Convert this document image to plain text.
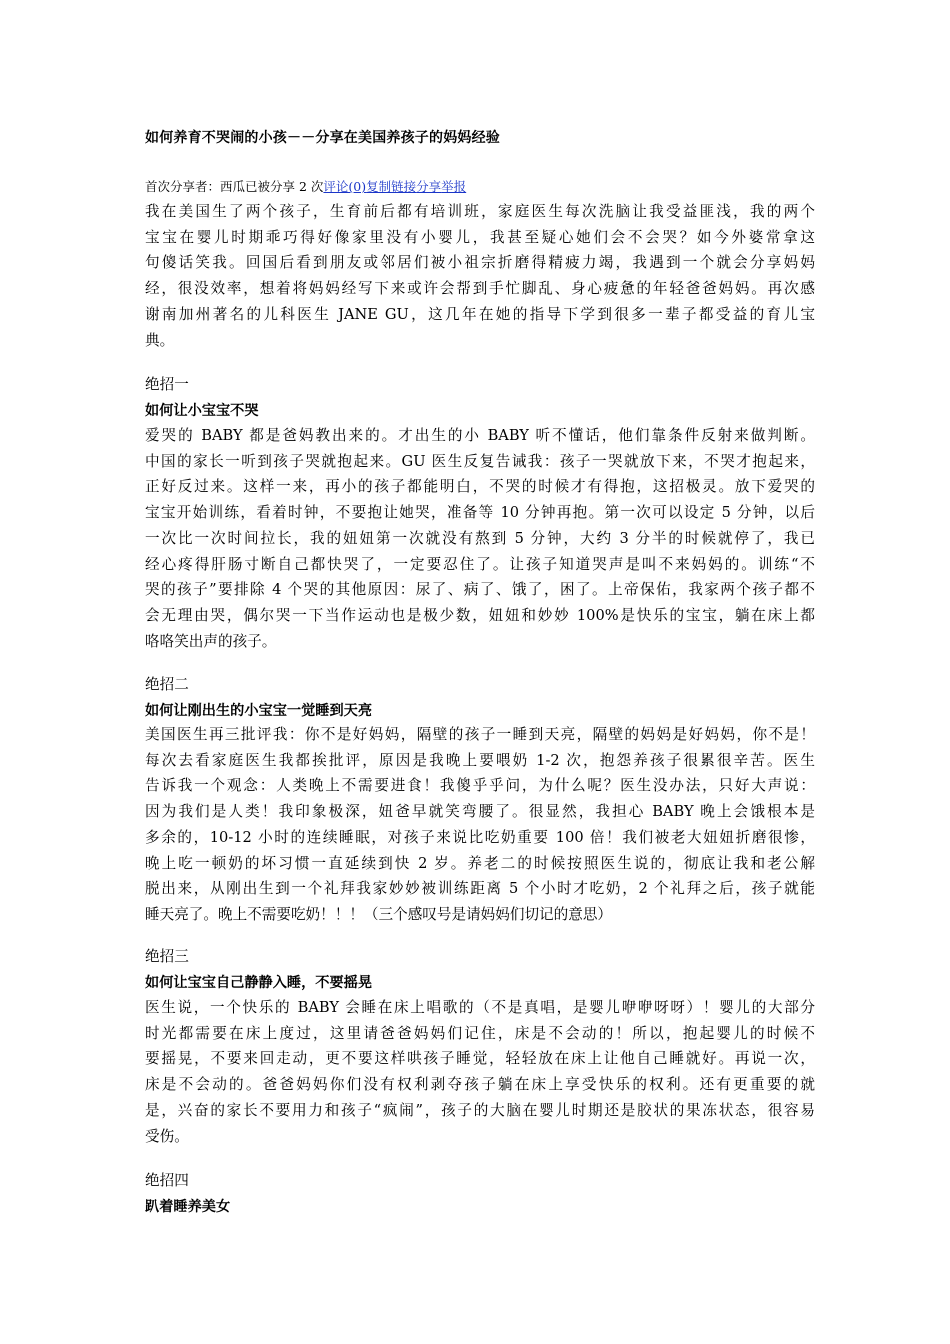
如何养育不哭闹的小孩－－分享在美国养孩子的妈妈经验
首次分享者：西瓜已被分享 2 次评论(0)复制链接分享举报
我在美国生了两个孩子，生育前后都有培训班，家庭医生每次洗脑让我受益匪浅，我的两个
宝宝在婴儿时期乖巧得好像家里没有小婴儿，我甚至疑心她们会不会哭？如今外婆常拿这
句傻话笑我。回国后看到朋友或邻居们被小祖宗折磨得精疲力竭，我遇到一个就会分享妈妈
经，很没效率，想着将妈妈经写下来或许会帮到手忙脚乱、身心疲惫的年轻爸爸妈妈。再次感
谢南加州著名的儿科医生 JANE GU，这几年在她的指导下学到很多一辈子都受益的育儿宝
典。
绝招一
如何让小宝宝不哭
爱哭的 BABY 都是爸妈教出来的。才出生的小 BABY 听不懂话，他们靠条件反射来做判断。
中国的家长一听到孩子哭就抱起来。GU 医生反复告诫我：孩子一哭就放下来，不哭才抱起来，
正好反过来。这样一来，再小的孩子都能明白，不哭的时候才有得抱，这招极灵。放下爱哭的
宝宝开始训练，看着时钟，不要抱让她哭，准备等 10 分钟再抱。第一次可以设定 5 分钟，以后
一次比一次时间拉长，我的妞妞第一次就没有熬到 5 分钟，大约 3 分半的时候就停了，我已
经心疼得肝肠寸断自己都快哭了，一定要忍住了。让孩子知道哭声是叫不来妈妈的。训练“不
哭的孩子”要排除 4 个哭的其他原因：尿了、病了、饿了，困了。上帝保佑，我家两个孩子都不
会无理由哭，偶尔哭一下当作运动也是极少数，妞妞和妙妙 100%是快乐的宝宝，躺在床上都
咯咯笑出声的孩子。
绝招二
如何让刚出生的小宝宝一觉睡到天亮
美国医生再三批评我：你不是好妈妈，隔壁的孩子一睡到天亮，隔壁的妈妈是好妈妈，你不是！
每次去看家庭医生我都挨批评，原因是我晚上要喂奶 1-2 次，抱怨养孩子很累很辛苦。医生
告诉我一个观念：人类晚上不需要进食！我傻乎乎问，为什么呢？医生没办法，只好大声说：
因为我们是人类！我印象极深，妞爸早就笑弯腰了。很显然，我担心 BABY 晚上会饿根本是
多余的，10-12 小时的连续睡眠，对孩子来说比吃奶重要 100 倍！我们被老大妞妞折磨很惨，
晚上吃一顿奶的坏习惯一直延续到快 2 岁。养老二的时候按照医生说的，彻底让我和老公解
脱出来，从刚出生到一个礼拜我家妙妙被训练距离 5 个小时才吃奶，2 个礼拜之后，孩子就能
睡天亮了。晚上不需要吃奶！！！（三个感叹号是请妈妈们切记的意思）
绝招三
如何让宝宝自己静静入睡，不要摇晃
医生说，一个快乐的 BABY 会睡在床上唱歌的（不是真唱，是婴儿咿咿呀呀）！婴儿的大部分
时光都需要在床上度过，这里请爸爸妈妈们记住，床是不会动的！所以，抱起婴儿的时候不
要摇晃，不要来回走动，更不要这样哄孩子睡觉，轻轻放在床上让他自己睡就好。再说一次，
床是不会动的。爸爸妈妈你们没有权利剥夺孩子躺在床上享受快乐的权利。还有更重要的就
是，兴奋的家长不要用力和孩子“疯闹”，孩子的大脑在婴儿时期还是胶状的果冻状态，很容易
受伤。
绝招四
趴着睡养美女
